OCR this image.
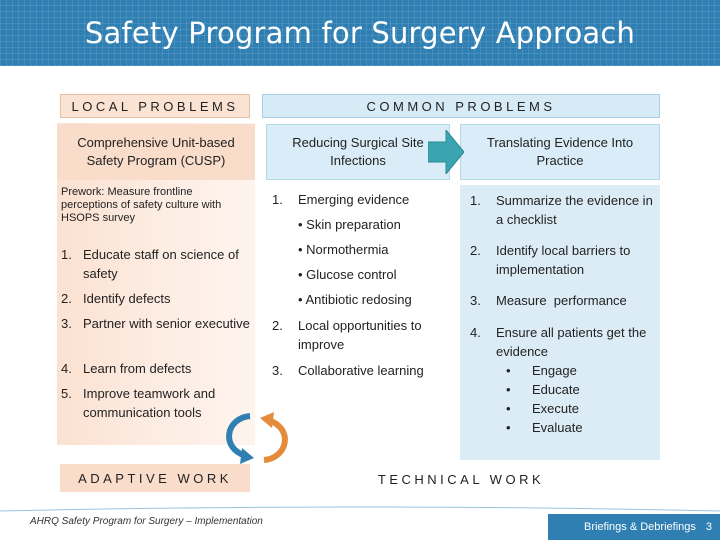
Safety Program for Surgery Approach
LOCAL PROBLEMS	COMMON PROBLEMS
Comprehensive Unit-based Safety Program (CUSP)
Reducing Surgical Site Infections
Translating Evidence Into Practice
Prework: Measure frontline perceptions of safety culture with HSOPS survey
1. Educate staff on science of safety
2. Identify defects
3. Partner with senior executive
4. Learn from defects
5. Improve teamwork and communication tools
1.	Emerging evidence
• Skin preparation
• Normothermia
• Glucose control
• Antibiotic redosing
2.	Local opportunities to improve
3.	Collaborative learning
1.	Summarize the evidence in a checklist
2.	Identify local barriers to implementation
3.	Measure  performance
4.	Ensure all patients get the evidence
• Engage
• Educate
• Execute
• Evaluate
ADAPTIVE WORK	TECHNICAL WORK
AHRQ Safety Program for Surgery – Implementation	Briefings & Debriefings 3
